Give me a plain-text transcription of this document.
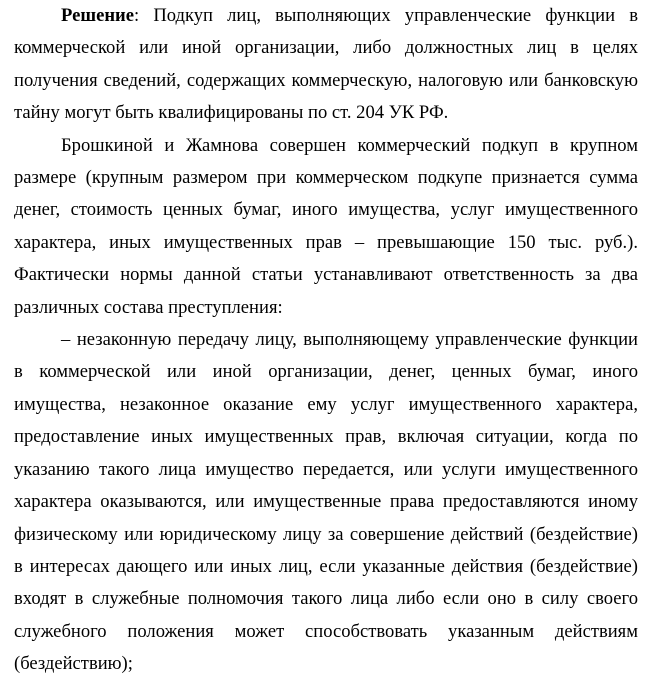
Решение: Подкуп лиц, выполняющих управленческие функции в коммерческой или иной организации, либо должностных лиц в целях получения сведений, содержащих коммерческую, налоговую или банковскую тайну могут быть квалифицированы по ст. 204 УК РФ.

Брошкиной и Жамнова совершен коммерческий подкуп в крупном размере (крупным размером при коммерческом подкупе признается сумма денег, стоимость ценных бумаг, иного имущества, услуг имущественного характера, иных имущественных прав – превышающие 150 тыс. руб.). Фактически нормы данной статьи устанавливают ответственность за два различных состава преступления:

– незаконную передачу лицу, выполняющему управленческие функции в коммерческой или иной организации, денег, ценных бумаг, иного имущества, незаконное оказание ему услуг имущественного характера, предоставление иных имущественных прав, включая ситуации, когда по указанию такого лица имущество передается, или услуги имущественного характера оказываются, или имущественные права предоставляются иному физическому или юридическому лицу за совершение действий (бездействие) в интересах дающего или иных лиц, если указанные действия (бездействие) входят в служебные полномочия такого лица либо если оно в силу своего служебного положения может способствовать указанным действиям (бездействию);
